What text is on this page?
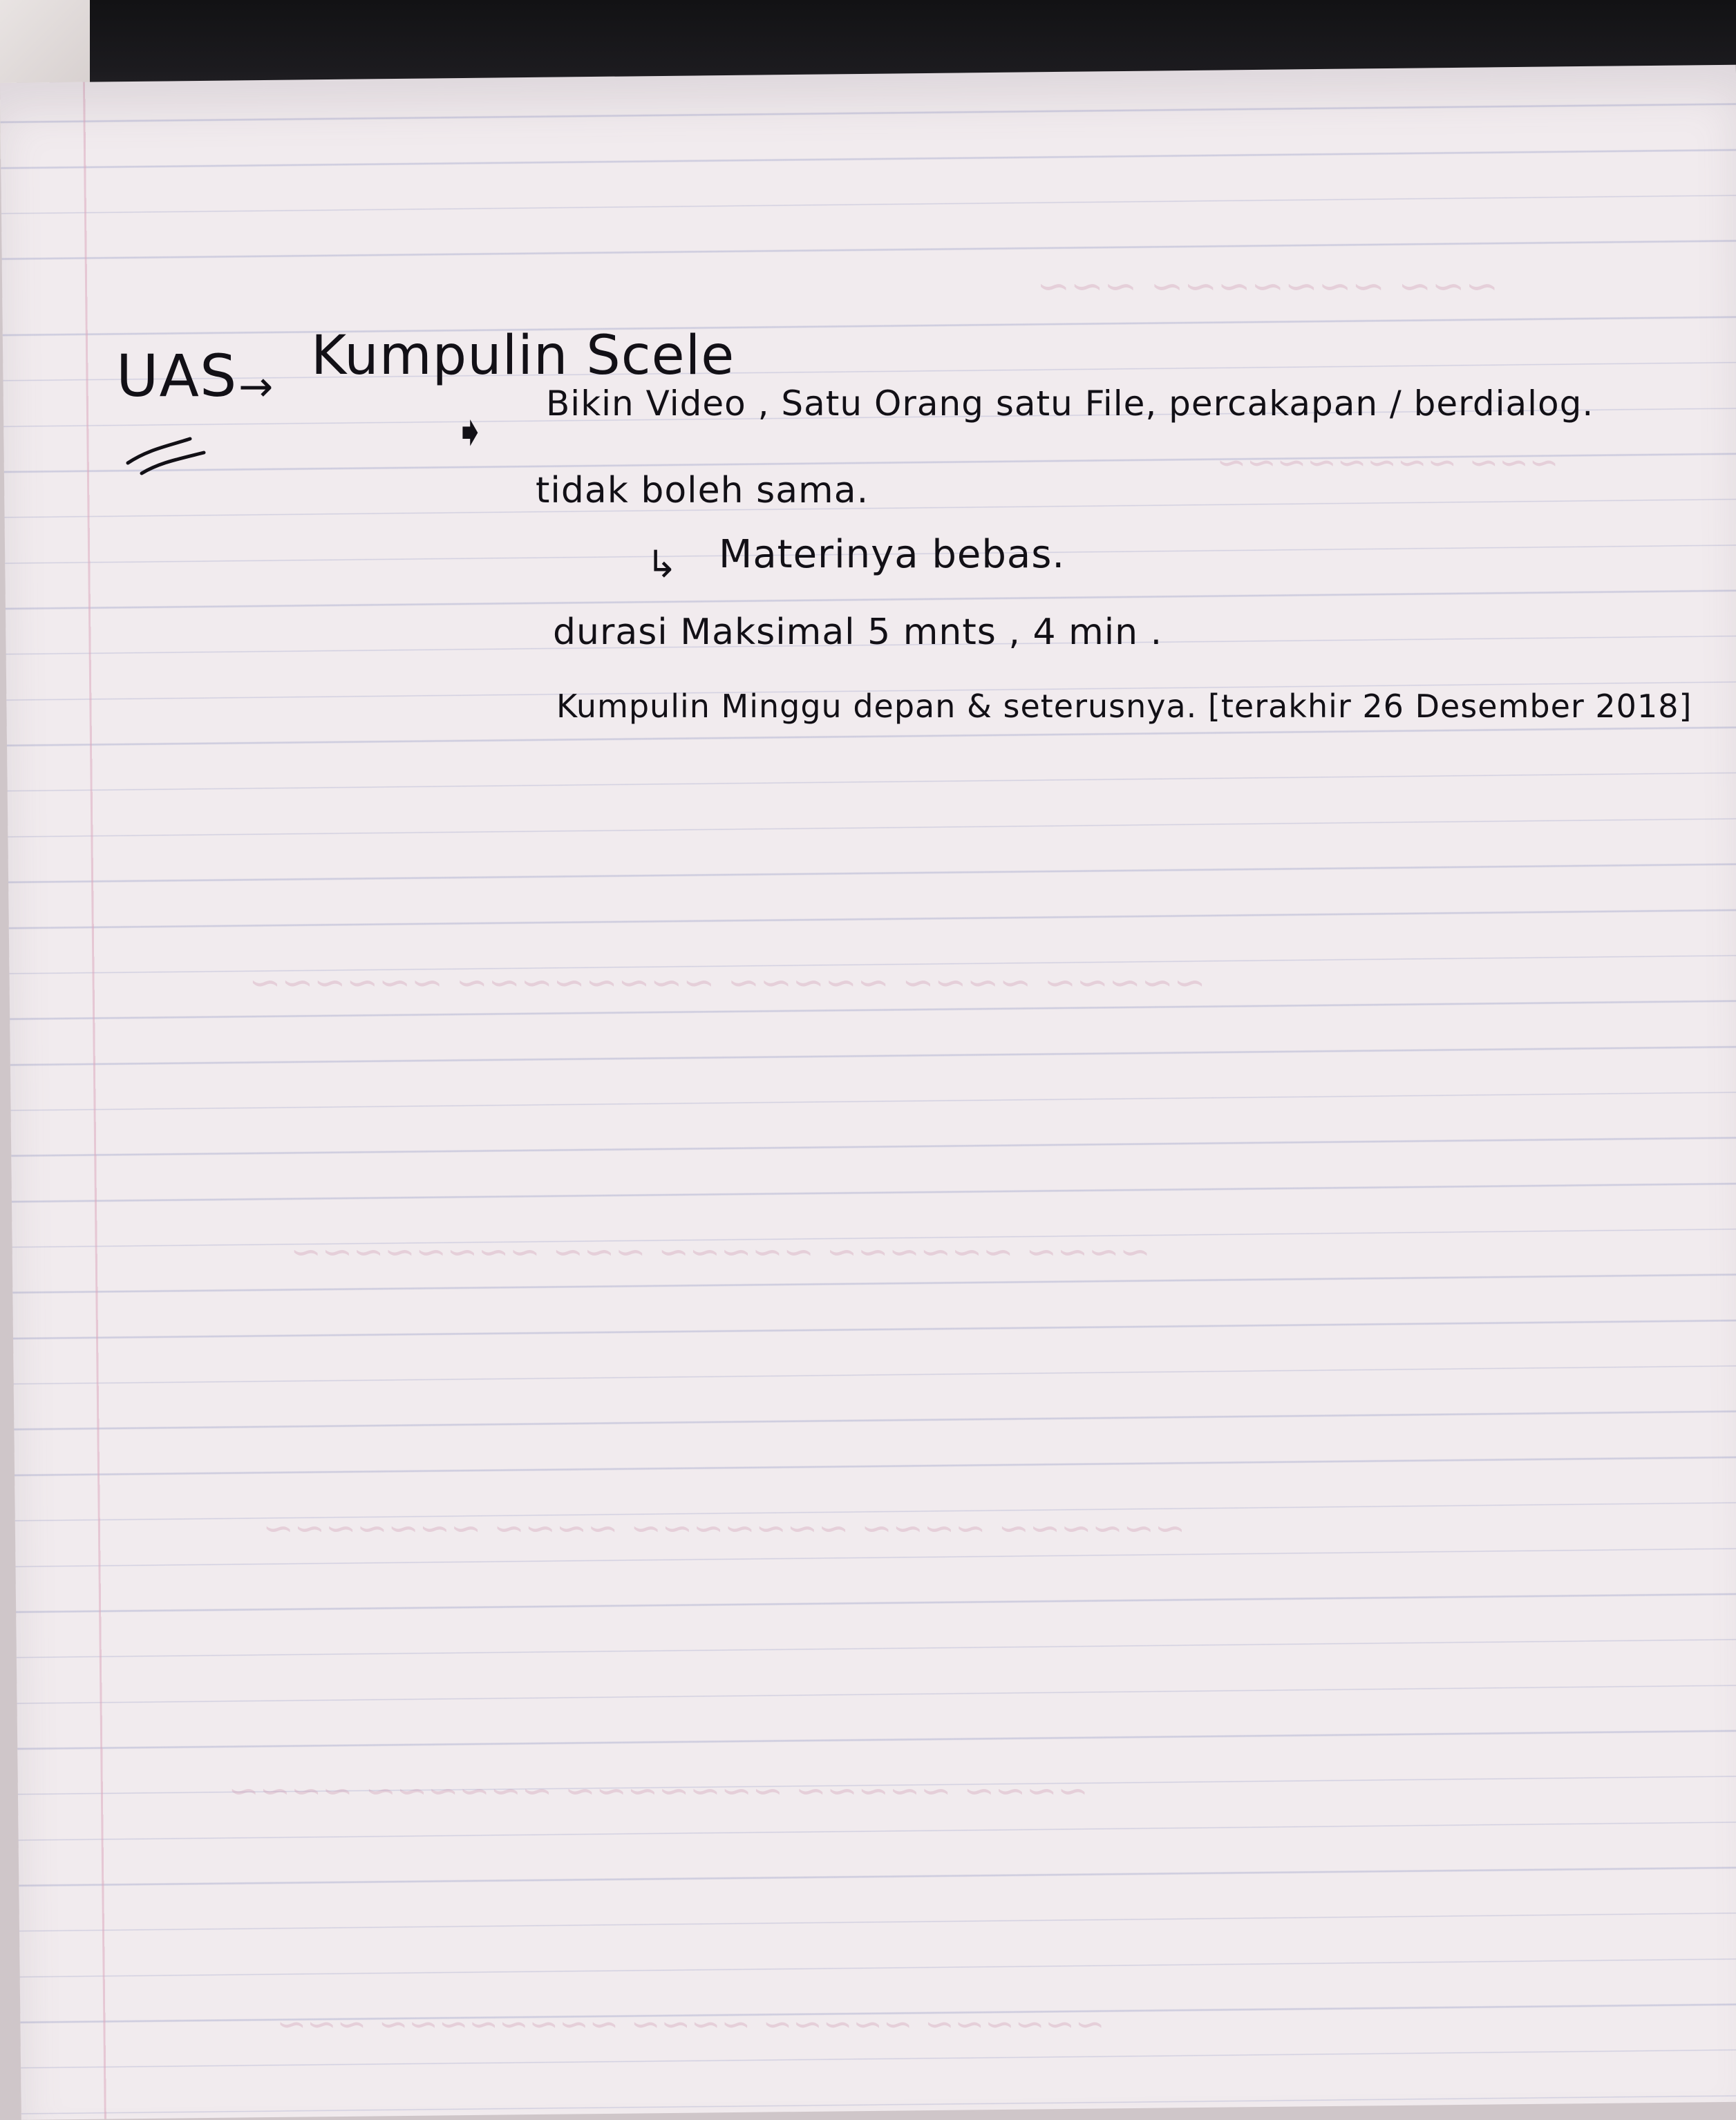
~~~ ~~~~~~~ ~~~
~~~ ~~~~~~~~
~~~~~ ~~~~ ~~~~~ ~~~~~~~~ ~~~~~~
~~~~ ~~~~~~ ~~~~~ ~~~ ~~~~~~~~
~~~~~~ ~~~~ ~~~~~~~ ~~~~ ~~~~~~~
~~~~ ~~~~~ ~~~~~~~ ~~~~~~ ~~~~
~~~~~~ ~~~~~ ~~~~ ~~~~~~~~ ~~~
UAS → Kumpulin Scele
➧
Bikin Video , Satu Orang satu File, percakapan / berdialog.
tidak boleh sama.
↳ Materinya bebas.
durasi Maksimal 5 mnts , 4 min .
Kumpulin Minggu depan & seterusnya. [terakhir 26 Desember 2018]
